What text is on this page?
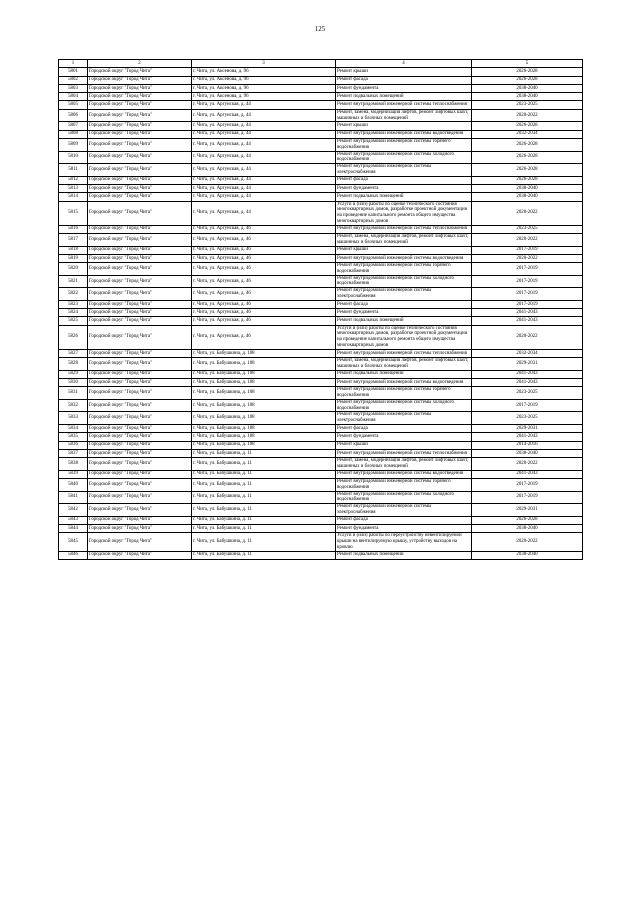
125
1	2	3	4	5
5801	Городской округ "Город Чита"	г. Чита, ул. Аксенова, д. 96	Ремонт крыши	2026-2028
5802	Городской округ "Город Чита"	г. Чита, ул. Аксенова, д. 96	Ремонт фасада	2026-2028
5803	Городской округ "Город Чита"	г. Чита, ул. Аксенова, д. 96	Ремонт фундамента	2038-2040
5804	Городской округ "Город Чита"	г. Чита, ул. Аксенова, д. 96	Ремонт подвальных помещений	2038-2040
5805	Городской округ "Город Чита"	г. Чита, ул. Аргунская, д. 44	Ремонт внутридомовой инженерной системы теплоснабжения	2023-2025
5806	Городской округ "Город Чита"	г. Чита, ул. Аргунская, д. 44	Ремонт, замена, модернизация лифтов, ремонт лифтовых шахт, машинных и блочных помещений	2020-2022
5807	Городской округ "Город Чита"	г. Чита, ул. Аргунская, д. 44	Ремонт крыши	2026-2028
5808	Городской округ "Город Чита"	г. Чита, ул. Аргунская, д. 44	Ремонт внутридомовой инженерной системы водоотведения	2032-2034
5809	Городской округ "Город Чита"	г. Чита, ул. Аргунская, д. 44	Ремонт внутридомовой инженерной системы горячего водоснабжения	2026-2028
5810	Городской округ "Город Чита"	г. Чита, ул. Аргунская, д. 44	Ремонт внутридомовой инженерной системы холодного водоснабжения	2026-2028
5811	Городской округ "Город Чита"	г. Чита, ул. Аргунская, д. 44	Ремонт внутридомовой инженерной системы электроснабжения	2026-2028
5812	Городской округ "Город Чита"	г. Чита, ул. Аргунская, д. 44	Ремонт фасада	2026-2028
5813	Городской округ "Город Чита"	г. Чита, ул. Аргунская, д. 44	Ремонт фундамента	2038-2040
5814	Городской округ "Город Чита"	г. Чита, ул. Аргунская, д. 44	Ремонт подвальных помещений	2038-2040
5815	Городской округ "Город Чита"	г. Чита, ул. Аргунская, д. 44	Услуги и (или) работы по оценке технического состояния многоквартирных домов, разработке проектной документации на проведение капитального ремонта общего имущества многоквартирных домов	2020-2022
5816	Городской округ "Город Чита"	г. Чита, ул. Аргунская, д. 46	Ремонт внутридомовой инженерной системы теплоснабжения	2023-2025
5817	Городской округ "Город Чита"	г. Чита, ул. Аргунская, д. 46	Ремонт, замена, модернизация лифтов, ремонт лифтовых шахт, машинных и блочных помещений	2020-2022
5818	Городской округ "Город Чита"	г. Чита, ул. Аргунская, д. 46	Ремонт крыши	2017-2019
5819	Городской округ "Город Чита"	г. Чита, ул. Аргунская, д. 46	Ремонт внутридомовой инженерной системы водоотведения	2020-2022
5820	Городской округ "Город Чита"	г. Чита, ул. Аргунская, д. 46	Ремонт внутридомовой инженерной системы горячего водоснабжения	2017-2019
5821	Городской округ "Город Чита"	г. Чита, ул. Аргунская, д. 46	Ремонт внутридомовой инженерной системы холодного водоснабжения	2017-2019
5822	Городской округ "Город Чита"	г. Чита, ул. Аргунская, д. 46	Ремонт внутридомовой инженерной системы электроснабжения	2017-2019
5823	Городской округ "Город Чита"	г. Чита, ул. Аргунская, д. 46	Ремонт фасада	2017-2019
5824	Городской округ "Город Чита"	г. Чита, ул. Аргунская, д. 46	Ремонт фундамента	2041-2043
5825	Городской округ "Город Чита"	г. Чита, ул. Аргунская, д. 46	Ремонт подвальных помещений	2041-2043
5826	Городской округ "Город Чита"	г. Чита, ул. Аргунская, д. 46	Услуги и (или) работы по оценке технического состояния многоквартирных домов, разработке проектной документации на проведение капитального ремонта общего имущества многоквартирных домов	2020-2022
5827	Городской округ "Город Чита"	г. Чита, ул. Бабушкина, д. 108	Ремонт внутридомовой инженерной системы теплоснабжения	2032-2034
5828	Городской округ "Город Чита"	г. Чита, ул. Бабушкина, д. 108	Ремонт, замена, модернизация лифтов, ремонт лифтовых шахт, машинных и блочных помещений	2029-2031
5829	Городской округ "Город Чита"	г. Чита, ул. Бабушкина, д. 108	Ремонт подвальных помещений	2041-2043
5830	Городской округ "Город Чита"	г. Чита, ул. Бабушкина, д. 108	Ремонт внутридомовой инженерной системы водоотведения	2041-2043
5831	Городской округ "Город Чита"	г. Чита, ул. Бабушкина, д. 108	Ремонт внутридомовой инженерной системы горячего водоснабжения	2023-2025
5832	Городской округ "Город Чита"	г. Чита, ул. Бабушкина, д. 108	Ремонт внутридомовой инженерной системы холодного водоснабжения	2017-2019
5833	Городской округ "Город Чита"	г. Чита, ул. Бабушкина, д. 108	Ремонт внутридомовой инженерной системы электроснабжения	2023-2025
5834	Городской округ "Город Чита"	г. Чита, ул. Бабушкина, д. 108	Ремонт фасада	2029-2031
5835	Городской округ "Город Чита"	г. Чита, ул. Бабушкина, д. 108	Ремонт фундамента	2041-2043
5836	Городской округ "Город Чита"	г. Чита, ул. Бабушкина, д. 108	Ремонт крыши	2014-2016
5837	Городской округ "Город Чита"	г. Чита, ул. Бабушкина, д. 11	Ремонт внутридомовой инженерной системы теплоснабжения	2038-2040
5838	Городской округ "Город Чита"	г. Чита, ул. Бабушкина, д. 11	Ремонт, замена, модернизация лифтов, ремонт лифтовых шахт, машинных и блочных помещений	2020-2022
5839	Городской округ "Город Чита"	г. Чита, ул. Бабушкина, д. 11	Ремонт внутридомовой инженерной системы водоотведения	2041-2043
5840	Городской округ "Город Чита"	г. Чита, ул. Бабушкина, д. 11	Ремонт внутридомовой инженерной системы горячего водоснабжения	2017-2019
5841	Городской округ "Город Чита"	г. Чита, ул. Бабушкина, д. 11	Ремонт внутридомовой инженерной системы холодного водоснабжения	2017-2019
5842	Городской округ "Город Чита"	г. Чита, ул. Бабушкина, д. 11	Ремонт внутридомовой инженерной системы электроснабжения	2029-2031
5843	Городской округ "Город Чита"	г. Чита, ул. Бабушкина, д. 11	Ремонт фасада	2026-2028
5844	Городской округ "Город Чита"	г. Чита, ул. Бабушкина, д. 11	Ремонт фундамента	2038-2040
5845	Городской округ "Город Чита"	г. Чита, ул. Бабушкина, д. 11	Услуги и (или) работы по переустройству невентилируемой крыши на вентилируемую крышу, устройству выходов на кровлю	2020-2022
5846	Городской округ "Город Чита"	г. Чита, ул. Бабушкина, д. 11	Ремонт подвальных помещений	2038-2040
